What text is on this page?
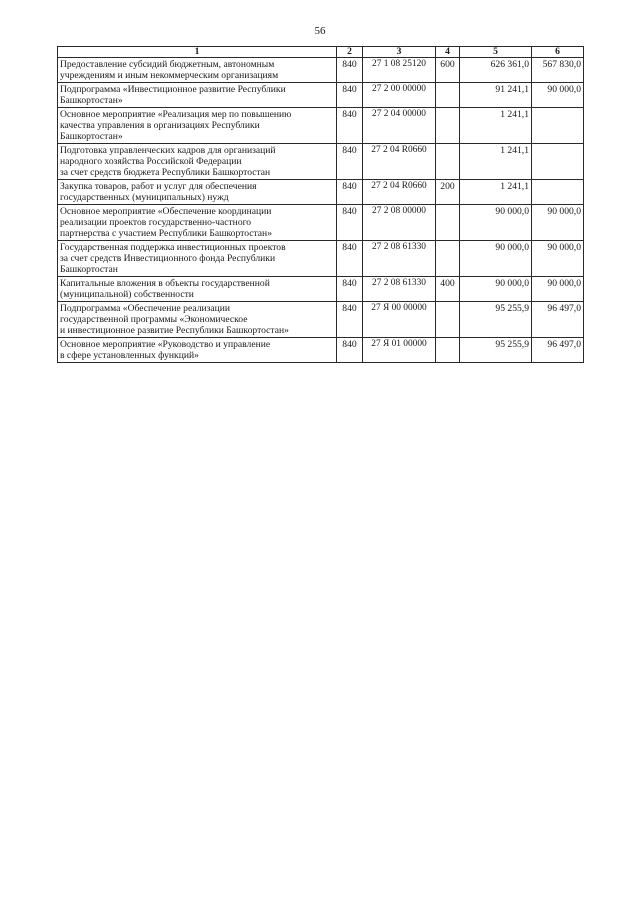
56
1	2	3	4	5	6

Предоставление субсидий бюджетным, автономным
учреждениям и иным некоммерческим организациям	840	27 1 08 25120	600	626 361,0	567 830,0

Подпрограмма «Инвестиционное развитие Республики
Башкортостан»	840	27 2 00 00000		91 241,1	90 000,0

Основное мероприятие «Реализация мер по повышению
качества управления в организациях Республики
Башкортостан»	840	27 2 04 00000		1 241,1	

Подготовка управленческих кадров для организаций
народного хозяйства Российской Федерации
за счет средств бюджета Республики Башкортостан	840	27 2 04 R0660		1 241,1	

Закупка товаров, работ и услуг для обеспечения
государственных (муниципальных) нужд	840	27 2 04 R0660	200	1 241,1	

Основное мероприятие «Обеспечение координации
реализации проектов государственно-частного
партнерства с участием Республики Башкортостан»	840	27 2 08 00000		90 000,0	90 000,0

Государственная поддержка инвестиционных проектов
за счет средств Инвестиционного фонда Республики
Башкортостан	840	27 2 08 61330		90 000,0	90 000,0

Капитальные вложения в объекты государственной
(муниципальной) собственности	840	27 2 08 61330	400	90 000,0	90 000,0

Подпрограмма «Обеспечение реализации
государственной программы «Экономическое
и инвестиционное развитие Республики Башкортостан»	840	27 Я 00 00000		95 255,9	96 497,0

Основное мероприятие «Руководство и управление
в сфере установленных функций»	840	27 Я 01 00000		95 255,9	96 497,0
